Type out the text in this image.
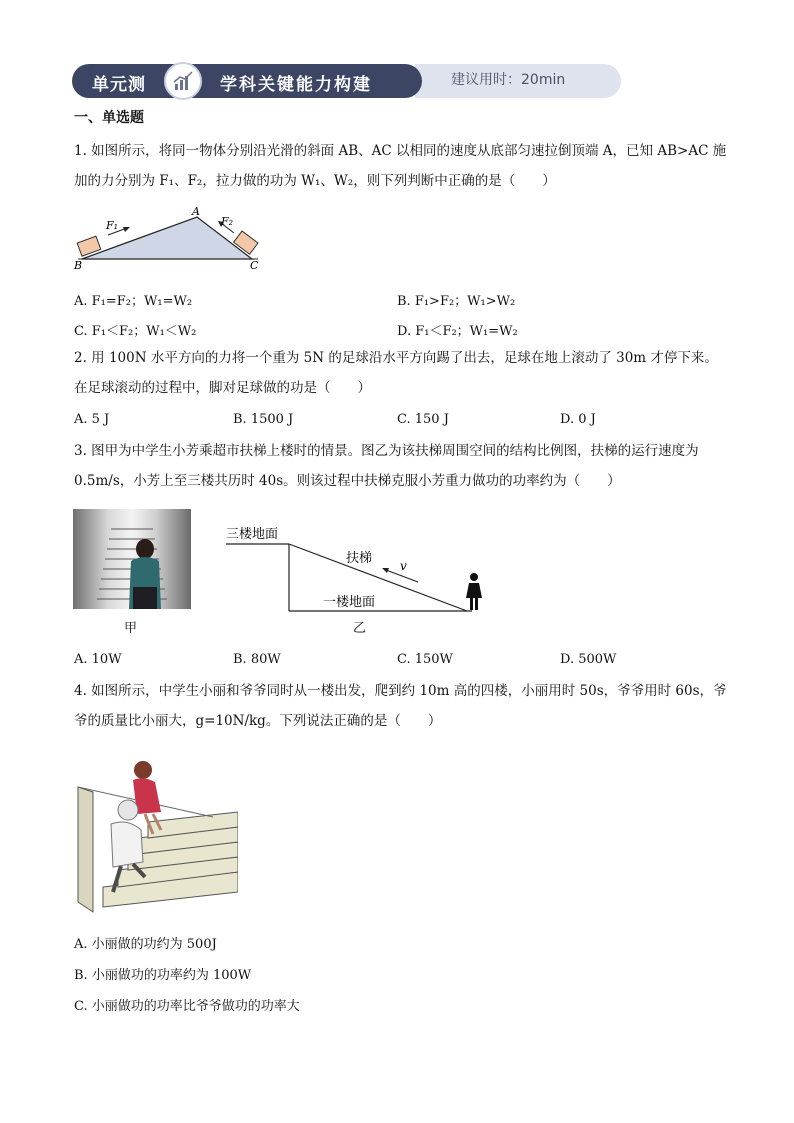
单元测	学科关键能力构建	建议用时：20min
一、单选题
1. 如图所示，将同一物体分别沿光滑的斜面 AB、AC 以相同的速度从底部匀速拉倒顶端 A，已知 AB>AC 施
加的力分别为 F₁、F₂，拉力做的功为 W₁、W₂，则下列判断中正确的是（　　）
A
B	C
F₁	F₂
A. F₁=F₂；W₁=W₂	B. F₁>F₂；W₁>W₂
C. F₁＜F₂；W₁＜W₂	D. F₁＜F₂；W₁=W₂
2. 用 100N 水平方向的力将一个重为 5N 的足球沿水平方向踢了出去，足球在地上滚动了 30m 才停下来。
在足球滚动的过程中，脚对足球做的功是（　　）
A. 5 J	B. 1500 J	C. 150 J	D. 0 J
3. 图甲为中学生小芳乘超市扶梯上楼时的情景。图乙为该扶梯周围空间的结构比例图，扶梯的运行速度为
0.5m/s，小芳上至三楼共历时 40s。则该过程中扶梯克服小芳重力做功的功率约为（　　）
甲
三楼地面
扶梯 v
一楼地面
乙
A. 10W	B. 80W	C. 150W	D. 500W
4. 如图所示，中学生小丽和爷爷同时从一楼出发，爬到约 10m 高的四楼，小丽用时 50s，爷爷用时 60s，爷
爷的质量比小丽大，g=10N/kg。下列说法正确的是（　　）
A. 小丽做的功约为 500J
B. 小丽做功的功率约为 100W
C. 小丽做功的功率比爷爷做功的功率大
